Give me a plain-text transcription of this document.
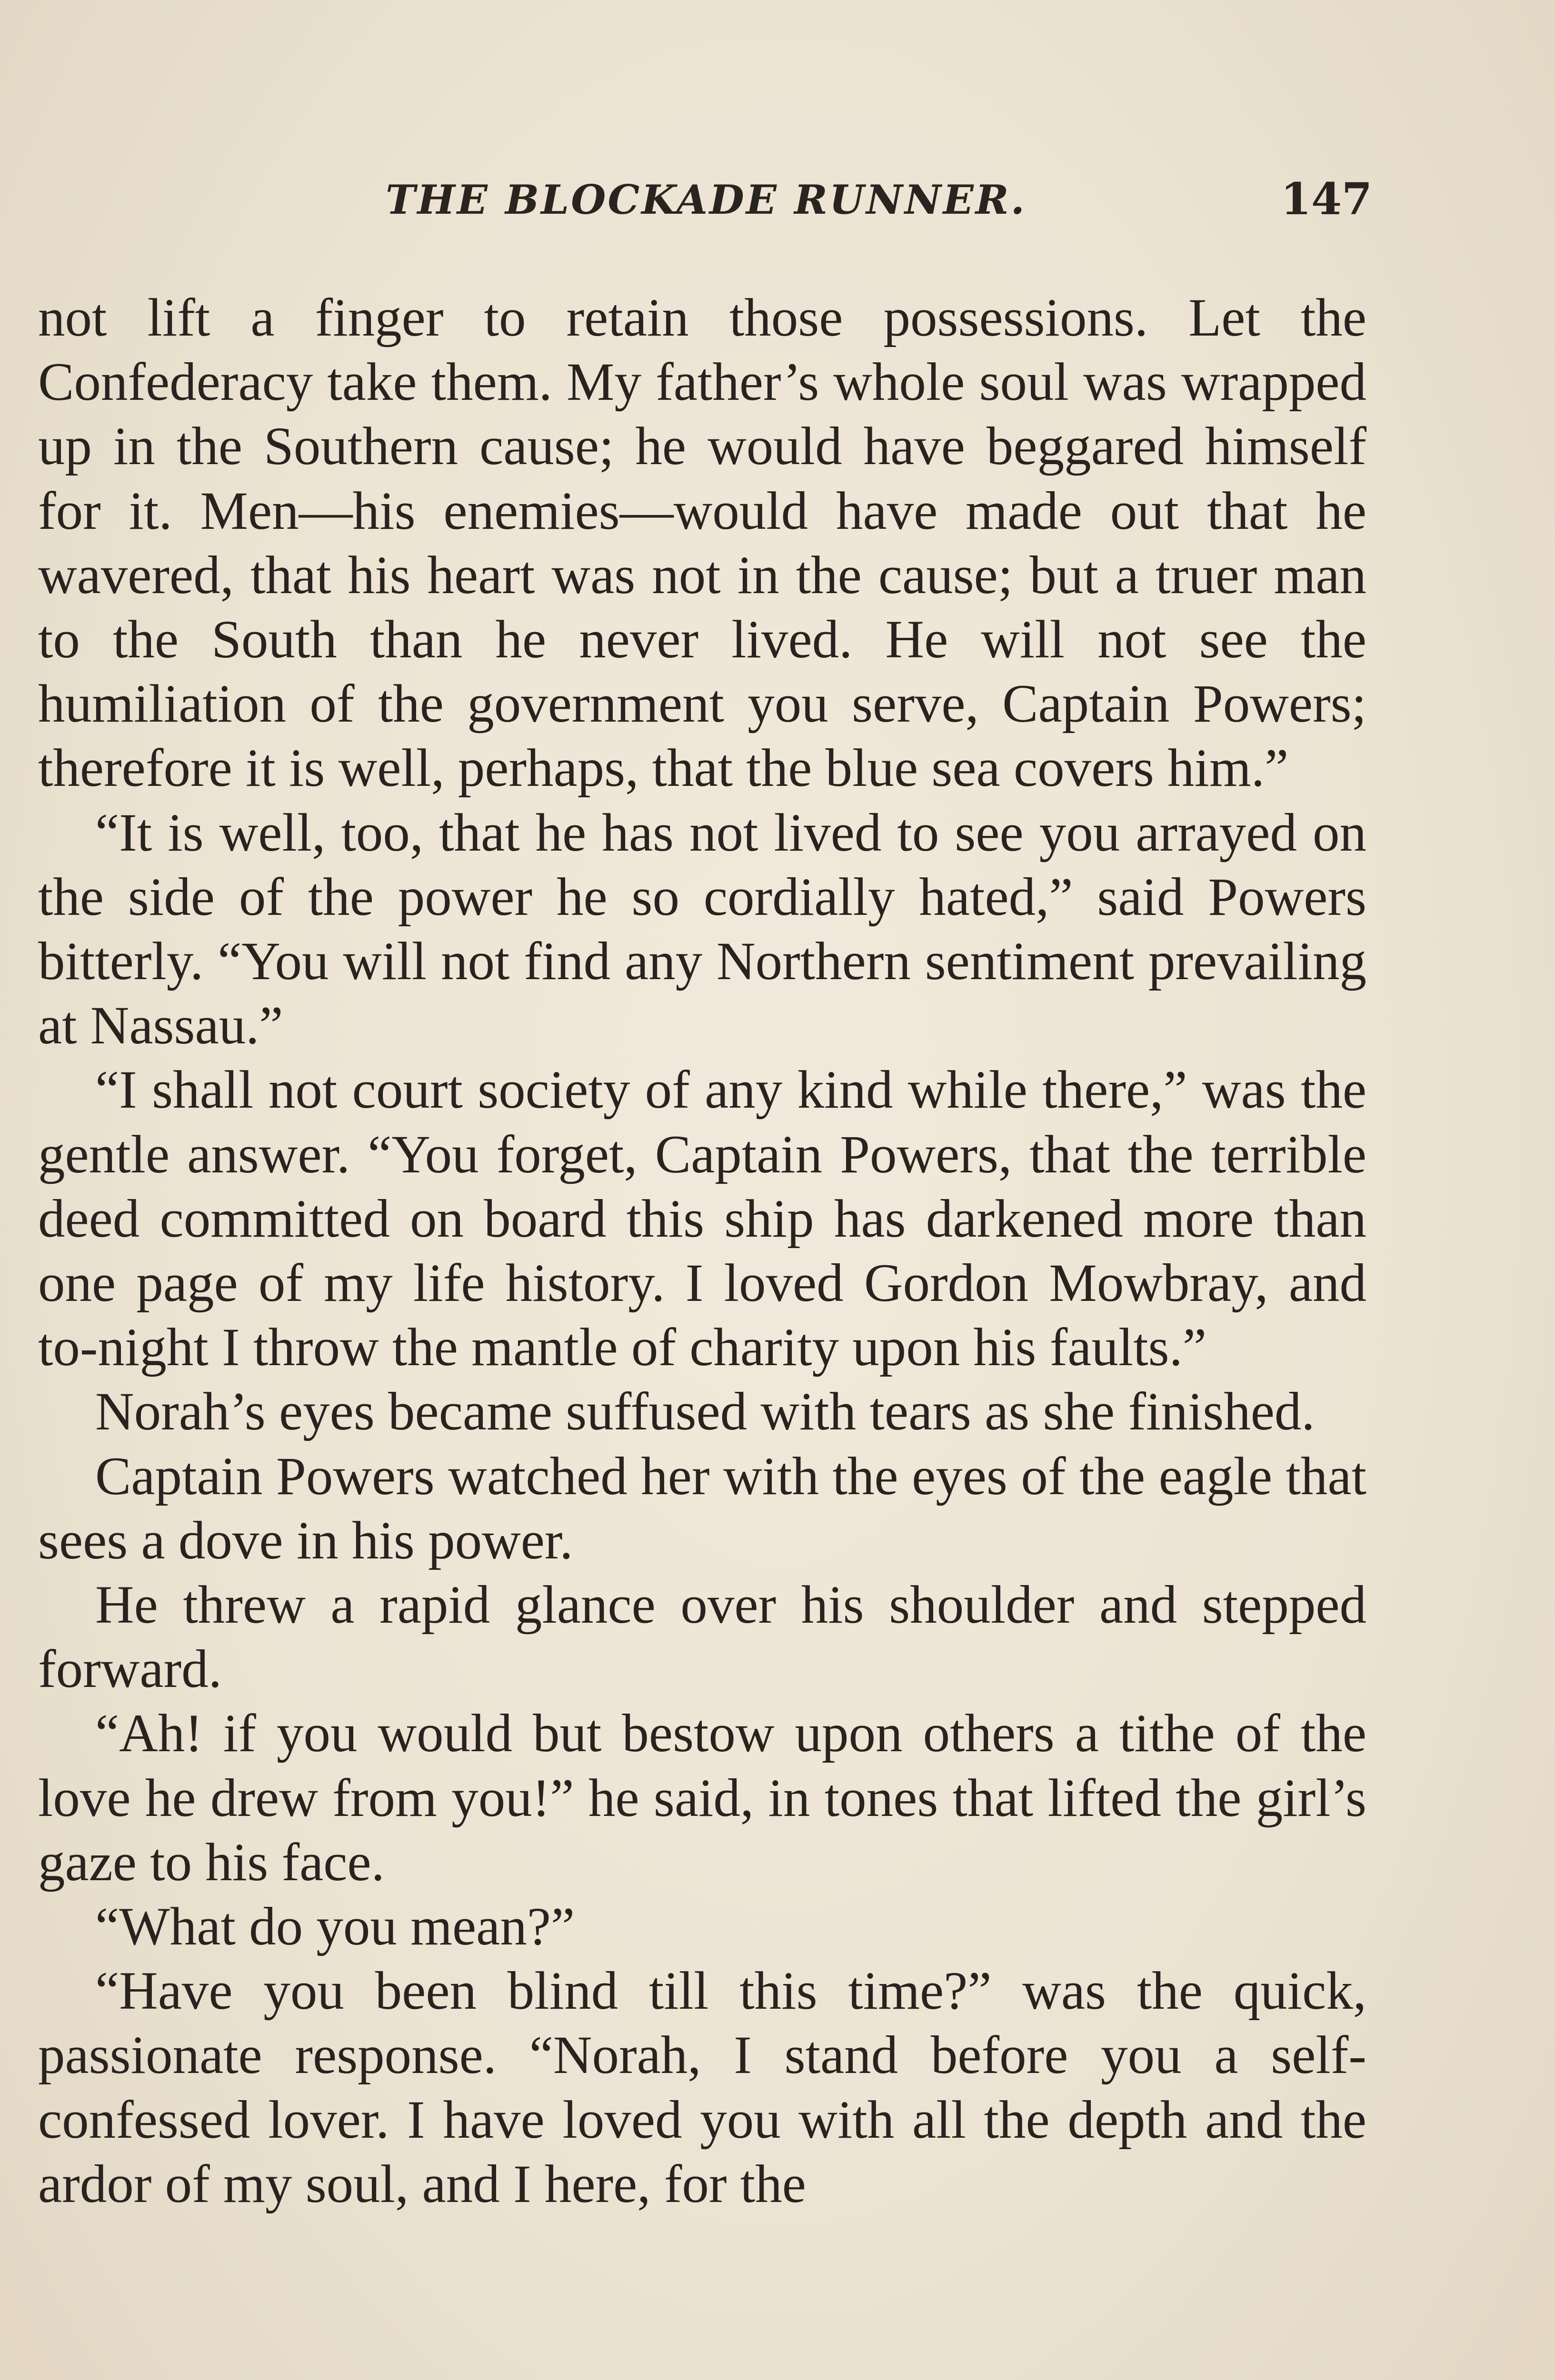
THE BLOCKADE RUNNER.	147

not lift a finger to retain those possessions. Let the Confederacy take them. My father’s whole soul was wrapped up in the Southern cause; he would have beggared himself for it. Men—his enemies—would have made out that he wavered, that his heart was not in the cause; but a truer man to the South than he never lived. He will not see the humiliation of the government you serve, Captain Powers; therefore it is well, perhaps, that the blue sea covers him.”

“It is well, too, that he has not lived to see you arrayed on the side of the power he so cordially hated,” said Powers bitterly. “You will not find any Northern sentiment prevailing at Nassau.”

“I shall not court society of any kind while there,” was the gentle answer. “You forget, Captain Powers, that the terrible deed committed on board this ship has darkened more than one page of my life history. I loved Gordon Mowbray, and to-night I throw the mantle of charity upon his faults.”

Norah’s eyes became suffused with tears as she finished.

Captain Powers watched her with the eyes of the eagle that sees a dove in his power.

He threw a rapid glance over his shoulder and stepped forward.

“Ah! if you would but bestow upon others a tithe of the love he drew from you!” he said, in tones that lifted the girl’s gaze to his face.

“What do you mean?”

“Have you been blind till this time?” was the quick, passionate response. “Norah, I stand before you a self-confessed lover. I have loved you with all the depth and the ardor of my soul, and I here, for the
